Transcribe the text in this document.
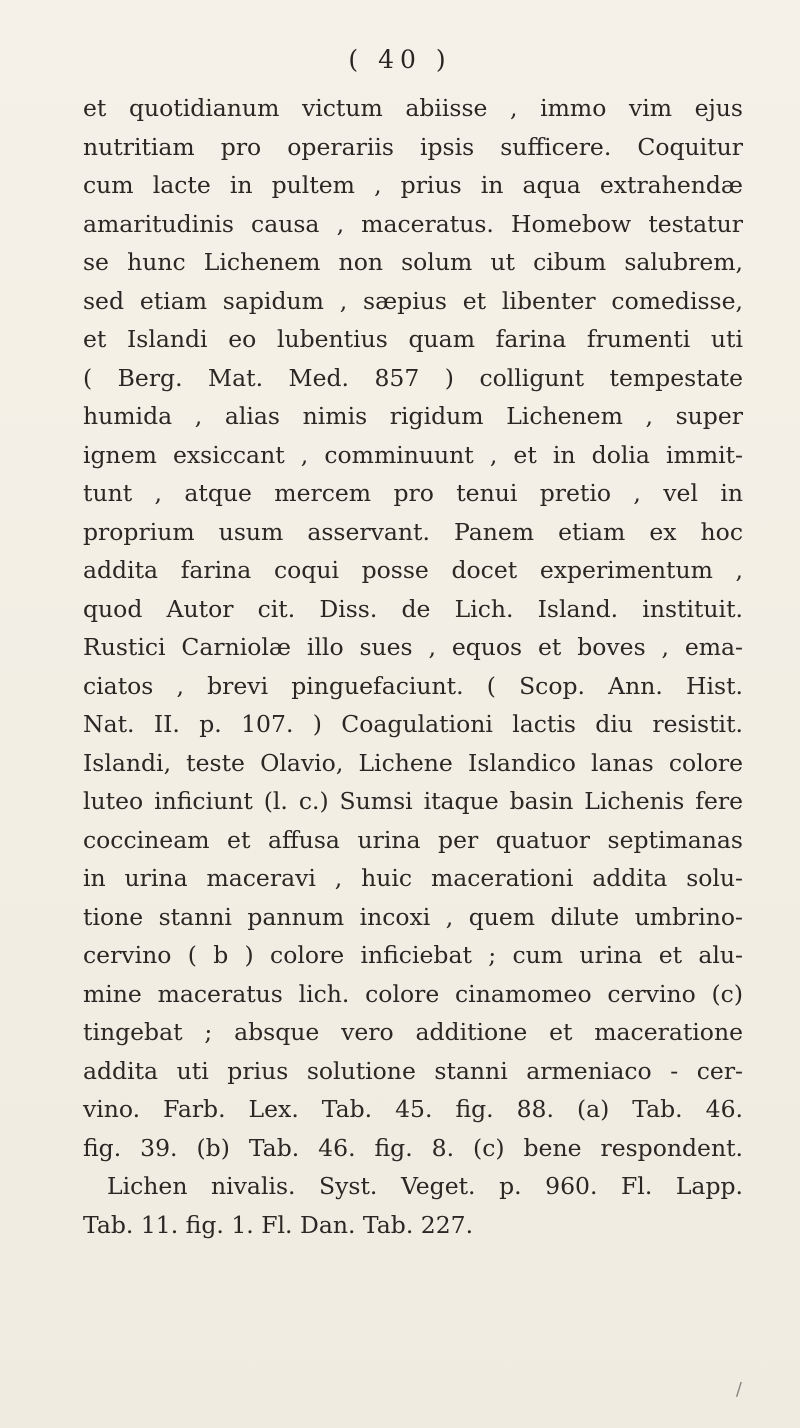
( 40 )
et quotidianum victum abiisse , immo vim ejus
nutritiam pro operariis ipsis sufficere. Coquitur
cum lacte in pultem , prius in aqua extrahendæ
amaritudinis causa , maceratus. Homebow testatur
se hunc Lichenem non solum ut cibum salubrem,
sed etiam sapidum , sæpius et libenter comedisse,
et Islandi eo lubentius quam farina frumenti uti
( Berg. Mat. Med. 857 ) colligunt tempestate
humida , alias nimis rigidum Lichenem , super
ignem exsiccant , comminuunt , et in dolia immit-
tunt , atque mercem pro tenui pretio , vel in
proprium usum asservant. Panem etiam ex hoc
addita farina coqui posse docet experimentum ,
quod Autor cit. Diss. de Lich. Island. instituit.
Rustici Carniolæ illo sues , equos et boves , ema-
ciatos , brevi pinguefaciunt. ( Scop. Ann. Hist.
Nat. II. p. 107. ) Coagulationi lactis diu resistit.
Islandi, teste Olavio, Lichene Islandico lanas colore
luteo inficiunt (l. c.) Sumsi itaque basin Lichenis fere
coccineam et affusa urina per quatuor septimanas
in urina maceravi , huic macerationi addita solu-
tione stanni pannum incoxi , quem dilute umbrino-
cervino ( b ) colore inficiebat ; cum urina et alu-
mine maceratus lich. colore cinamomeo cervino (c)
tingebat ; absque vero additione et maceratione
addita uti prius solutione stanni armeniaco - cer-
vino. Farb. Lex. Tab. 45. fig. 88. (a) Tab. 46.
fig. 39. (b) Tab. 46. fig. 8. (c) bene respondent.
Lichen nivalis. Syst. Veget. p. 960. Fl. Lapp.
Tab. 11. fig. 1. Fl. Dan. Tab. 227.
/
